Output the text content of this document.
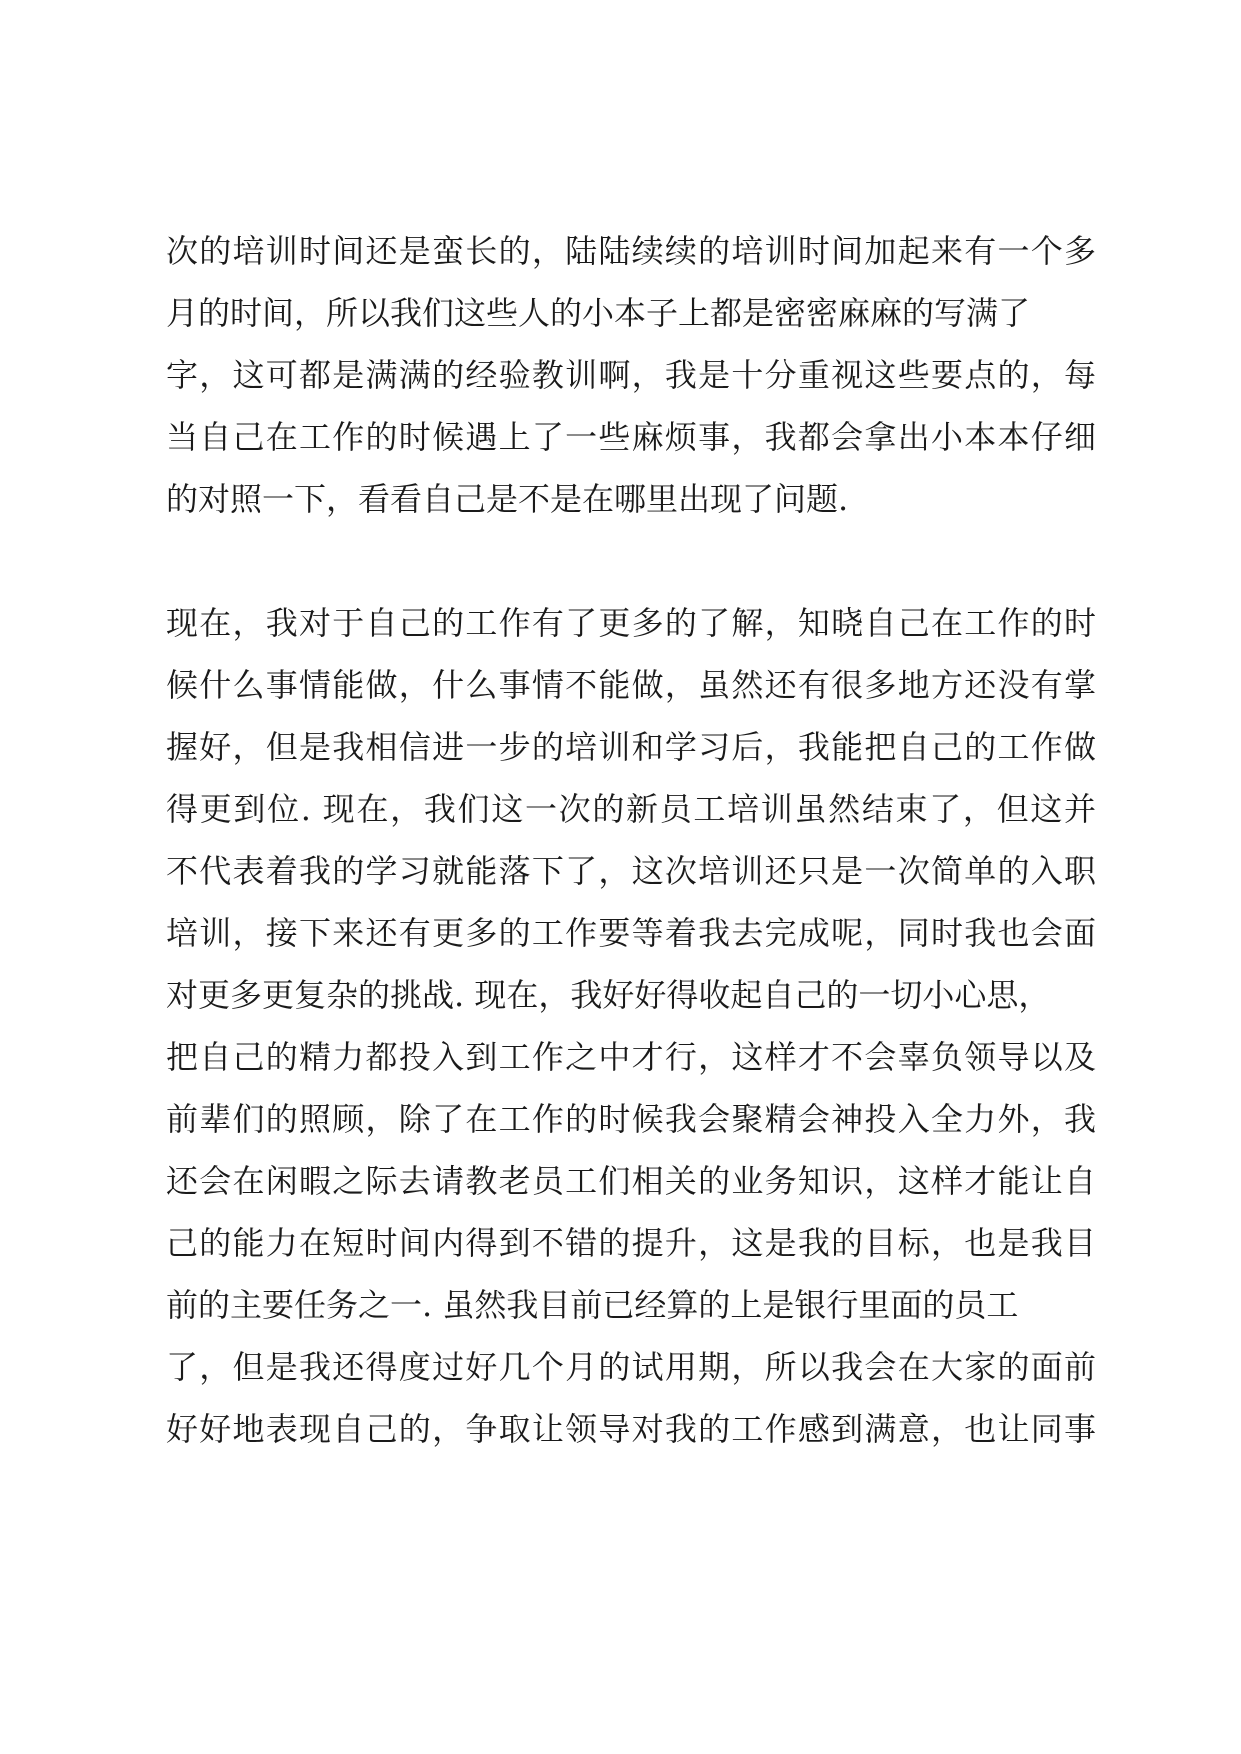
次的培训时间还是蛮长的，陆陆续续的培训时间加起来有一个多
月的时间，所以我们这些人的小本子上都是密密麻麻的写满了
字，这可都是满满的经验教训啊，我是十分重视这些要点的，每
当自己在工作的时候遇上了一些麻烦事，我都会拿出小本本仔细
的对照一下，看看自己是不是在哪里出现了问题.
现在，我对于自己的工作有了更多的了解，知晓自己在工作的时
候什么事情能做，什么事情不能做，虽然还有很多地方还没有掌
握好，但是我相信进一步的培训和学习后，我能把自己的工作做
得更到位. 现在，我们这一次的新员工培训虽然结束了，但这并
不代表着我的学习就能落下了，这次培训还只是一次简单的入职
培训，接下来还有更多的工作要等着我去完成呢，同时我也会面
对更多更复杂的挑战. 现在，我好好得收起自己的一切小心思，
把自己的精力都投入到工作之中才行，这样才不会辜负领导以及
前辈们的照顾，除了在工作的时候我会聚精会神投入全力外，我
还会在闲暇之际去请教老员工们相关的业务知识，这样才能让自
己的能力在短时间内得到不错的提升，这是我的目标，也是我目
前的主要任务之一. 虽然我目前已经算的上是银行里面的员工
了，但是我还得度过好几个月的试用期，所以我会在大家的面前
好好地表现自己的，争取让领导对我的工作感到满意，也让同事
